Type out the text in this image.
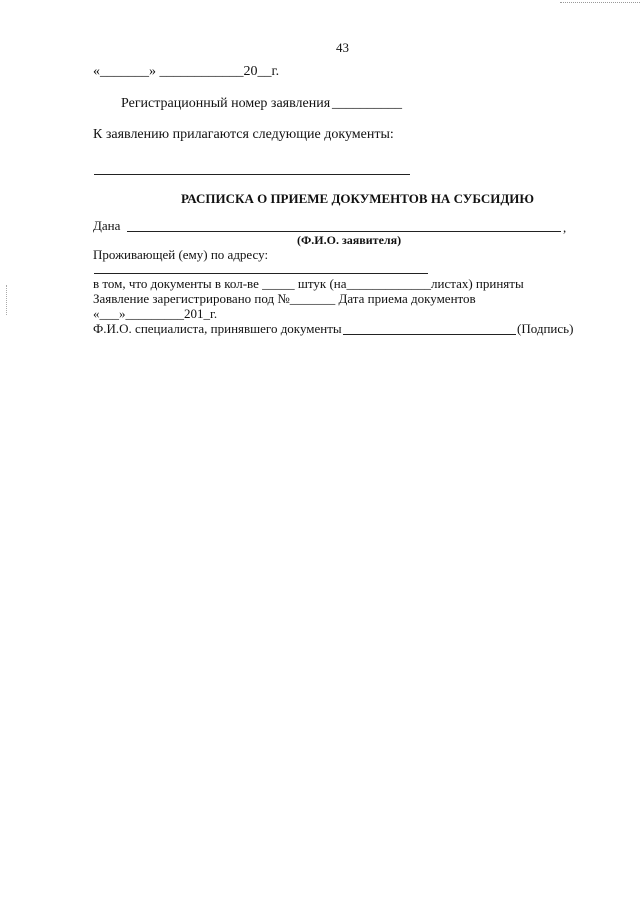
43
«_______» ____________20__г.
Регистрационный номер заявления __________
К заявлению прилагаются следующие документы:
РАСПИСКА О ПРИЕМЕ ДОКУМЕНТОВ НА СУБСИДИЮ
Дана	,
(Ф.И.О. заявителя)
Проживающей (ему) по адресу:
в том, что документы в кол-ве _____ штук (на_____________листах) приняты
Заявление зарегистрировано под №_______ Дата приема документов
«___»_________201_г.
Ф.И.О. специалиста, принявшего документы	(Подпись)
